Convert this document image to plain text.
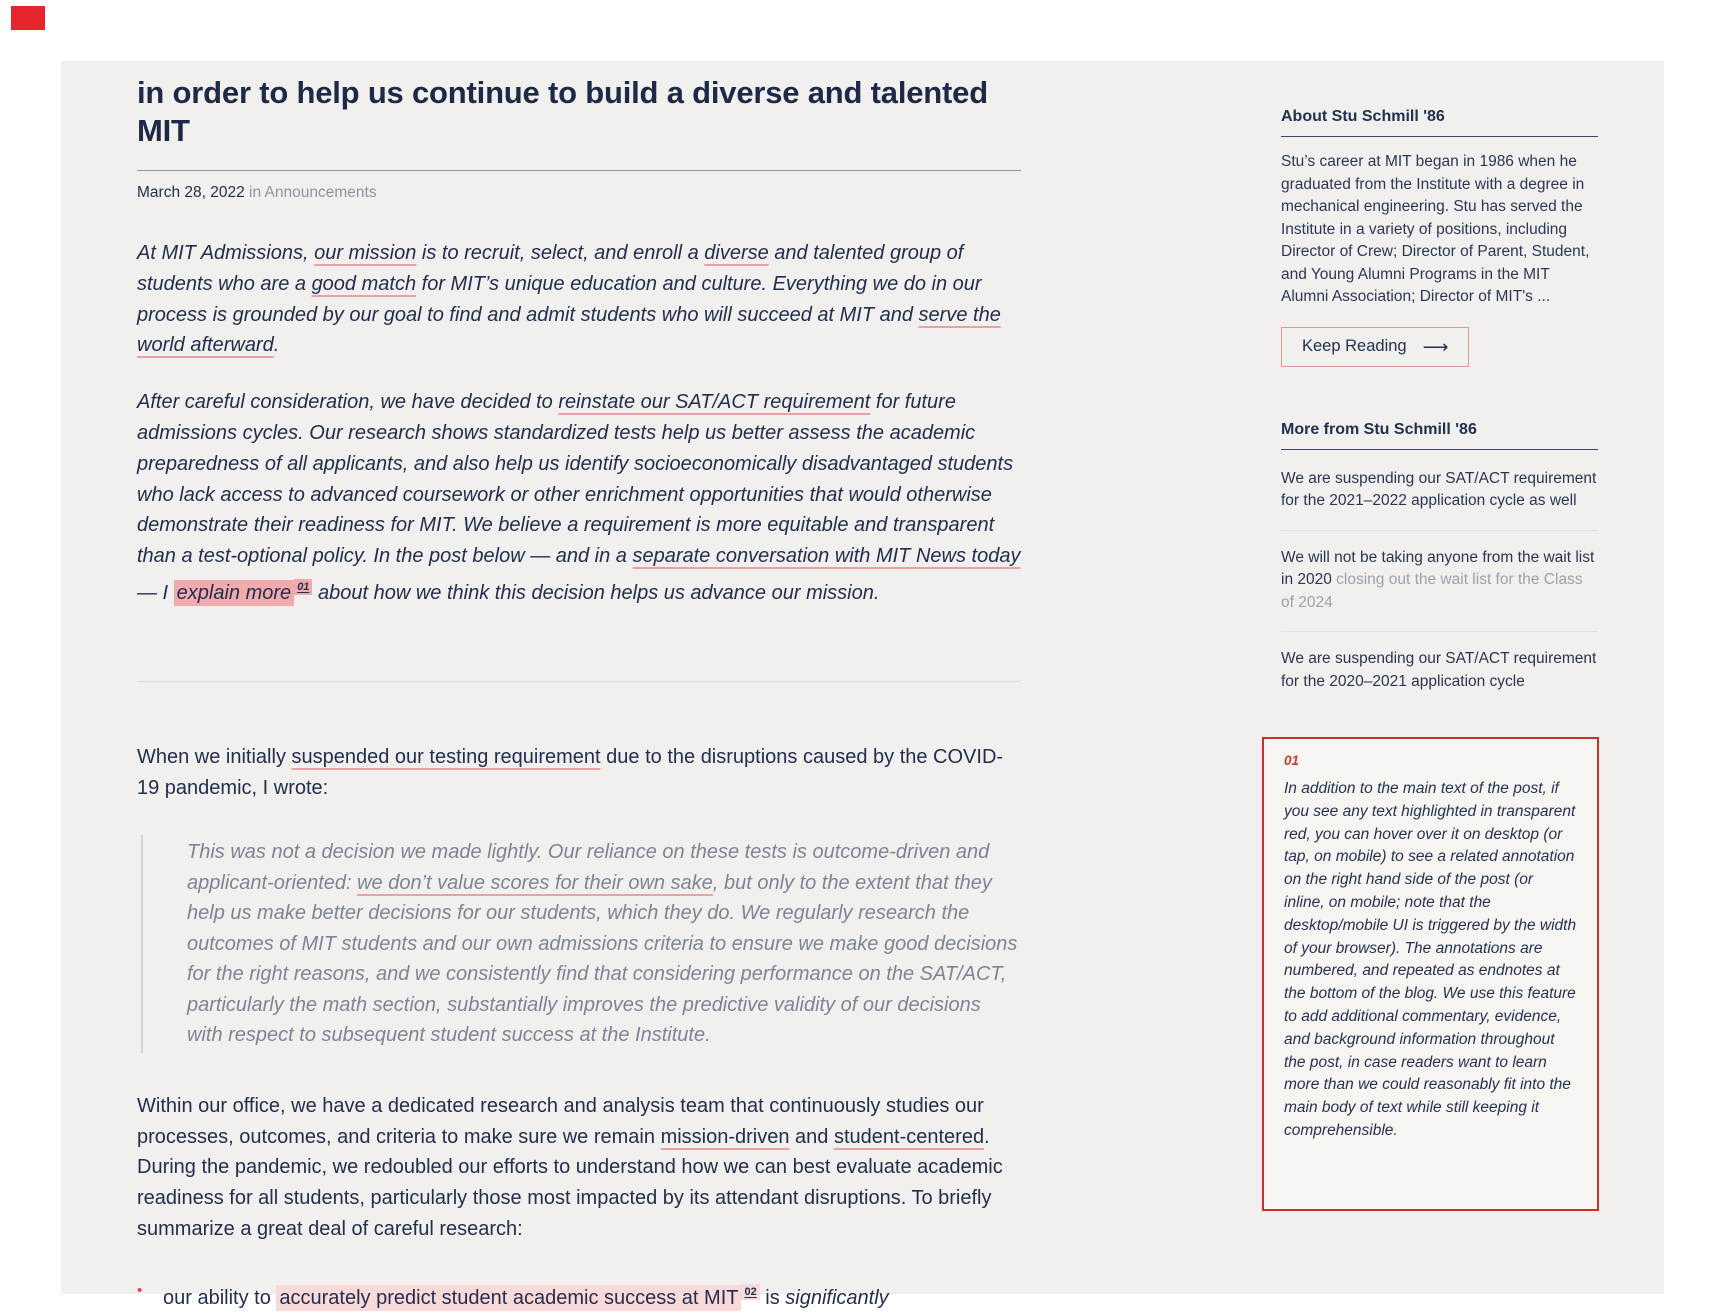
in order to help us continue to build a diverse and talented MIT
March 28, 2022 in Announcements

At MIT Admissions, our mission is to recruit, select, and enroll a diverse and talented group of students who are a good match for MIT’s unique education and culture. Everything we do in our process is grounded by our goal to find and admit students who will succeed at MIT and serve the world afterward.

After careful consideration, we have decided to reinstate our SAT/ACT requirement for future admissions cycles. Our research shows standardized tests help us better assess the academic preparedness of all applicants, and also help us identify socioeconomically disadvantaged students who lack access to advanced coursework or other enrichment opportunities that would otherwise demonstrate their readiness for MIT. We believe a requirement is more equitable and transparent than a test-optional policy. In the post below — and in a separate conversation with MIT News today — I explain more $^{01}$ about how we think this decision helps us advance our mission.

When we initially suspended our testing requirement due to the disruptions caused by the COVID-19 pandemic, I wrote:

This was not a decision we made lightly. Our reliance on these tests is outcome-driven and applicant-oriented: we don’t value scores for their own sake, but only to the extent that they help us make better decisions for our students, which they do. We regularly research the outcomes of MIT students and our own admissions criteria to ensure we make good decisions for the right reasons, and we consistently find that considering performance on the SAT/ACT, particularly the math section, substantially improves the predictive validity of our decisions with respect to subsequent student success at the Institute.

Within our office, we have a dedicated research and analysis team that continuously studies our processes, outcomes, and criteria to make sure we remain mission-driven and student-centered. During the pandemic, we redoubled our efforts to understand how we can best evaluate academic readiness for all students, particularly those most impacted by its attendant disruptions. To briefly summarize a great deal of careful research:

•	our ability to accurately predict student academic success at MIT $^{02}$ is significantly

About Stu Schmill '86

Stu’s career at MIT began in 1986 when he graduated from the Institute with a degree in mechanical engineering. Stu has served the Institute in a variety of positions, including Director of Crew; Director of Parent, Student, and Young Alumni Programs in the MIT Alumni Association; Director of MIT's ...

Keep Reading ⟶
More from Stu Schmill '86
We are suspending our SAT/ACT requirement for the 2021–2022 application cycle as well
We will not be taking anyone from the wait list in 2020 closing out the wait list for the Class of 2024
We are suspending our SAT/ACT requirement for the 2020–2021 application cycle
01

In addition to the main text of the post, if you see any text highlighted in transparent red, you can hover over it on desktop (or tap, on mobile) to see a related annotation on the right hand side of the post (or inline, on mobile; note that the desktop/mobile UI is triggered by the width of your browser). The annotations are numbered, and repeated as endnotes at the bottom of the blog. We use this feature to add additional commentary, evidence, and background information throughout the post, in case readers want to learn more than we could reasonably fit into the main body of text while still keeping it comprehensible.
